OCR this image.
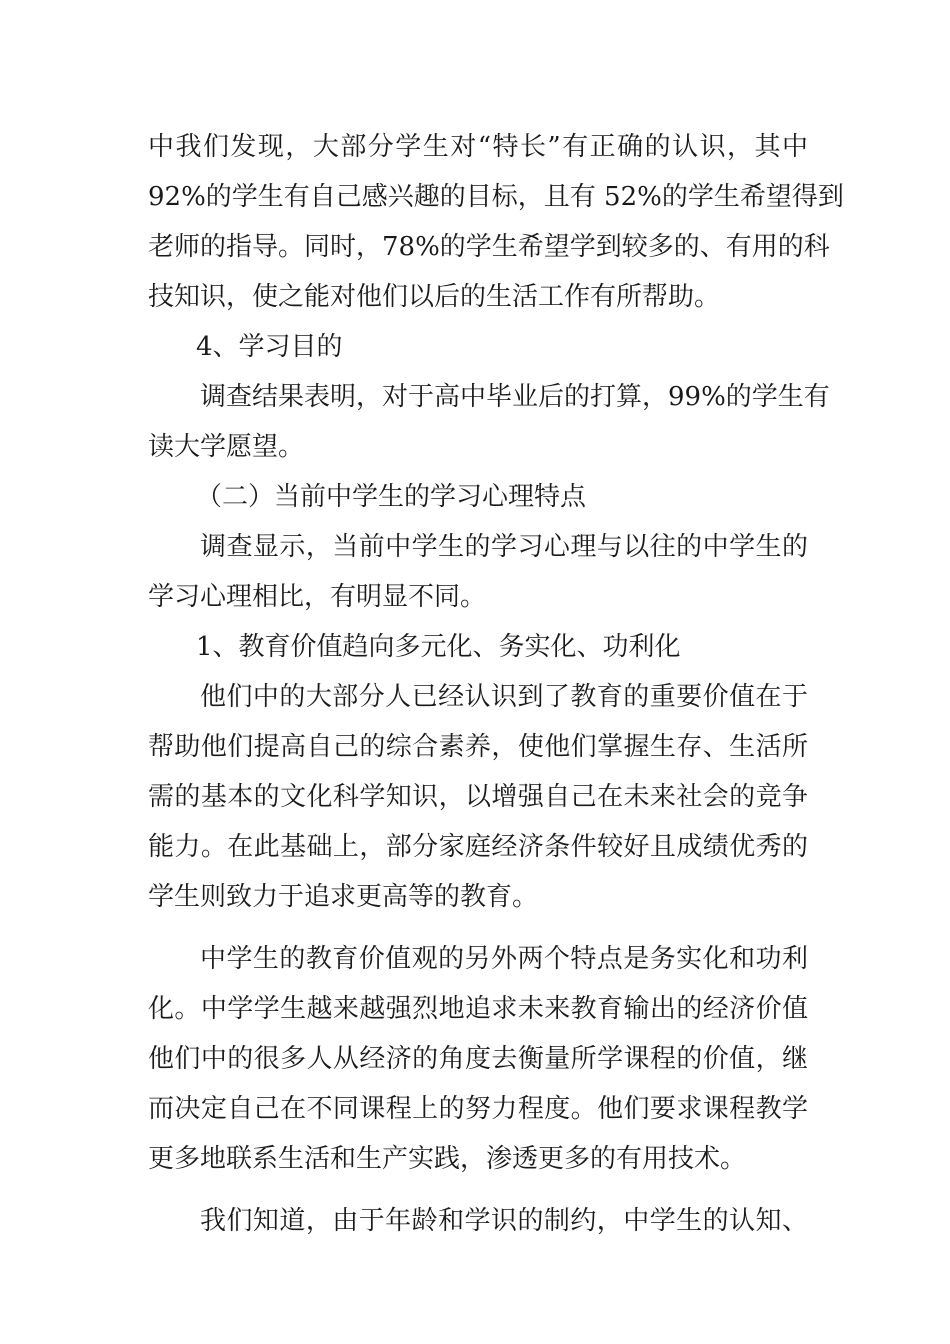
中我们发现，大部分学生对“特长”有正确的认识，其中
92%的学生有自己感兴趣的目标，且有 52%的学生希望得到
老师的指导。同时，78%的学生希望学到较多的、有用的科
技知识，使之能对他们以后的生活工作有所帮助。
4、学习目的
调查结果表明，对于高中毕业后的打算，99%的学生有
读大学愿望。
（二）当前中学生的学习心理特点
调查显示，当前中学生的学习心理与以往的中学生的
学习心理相比，有明显不同。
1、教育价值趋向多元化、务实化、功利化
他们中的大部分人已经认识到了教育的重要价值在于
帮助他们提高自己的综合素养，使他们掌握生存、生活所
需的基本的文化科学知识，以增强自己在未来社会的竞争
能力。在此基础上，部分家庭经济条件较好且成绩优秀的
学生则致力于追求更高等的教育。
中学生的教育价值观的另外两个特点是务实化和功利
化。中学学生越来越强烈地追求未来教育输出的经济价值
他们中的很多人从经济的角度去衡量所学课程的价值，继
而决定自己在不同课程上的努力程度。他们要求课程教学
更多地联系生活和生产实践，渗透更多的有用技术。
我们知道，由于年龄和学识的制约，中学生的认知、
